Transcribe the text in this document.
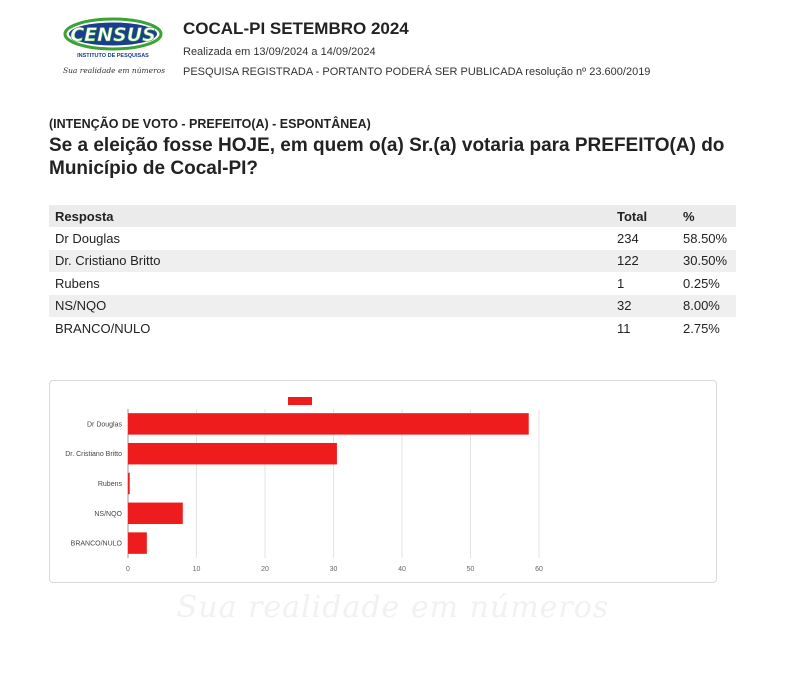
CENSUS
INSTITUTO DE PESQUISAS
Sua realidade em números
COCAL-PI SETEMBRO 2024
Realizada em 13/09/2024 a 14/09/2024
PESQUISA REGISTRADA - PORTANTO PODERÁ SER PUBLICADA resolução nº 23.600/2019
(INTENÇÃO DE VOTO - PREFEITO(A) - ESPONTÂNEA)
Se a eleição fosse HOJE, em quem o(a) Sr.(a) votaria para PREFEITO(A) do Município de Cocal-PI?
Resposta	Total	%
Dr Douglas	234	58.50%
Dr. Cristiano Britto	122	30.50%
Rubens	1	0.25%
NS/NQO	32	8.00%
BRANCO/NULO	11	2.75%
0	10	20	30	40	50	60
Dr Douglas
Dr. Cristiano Britto
Rubens
NS/NQO
BRANCO/NULO
Sua realidade em números
